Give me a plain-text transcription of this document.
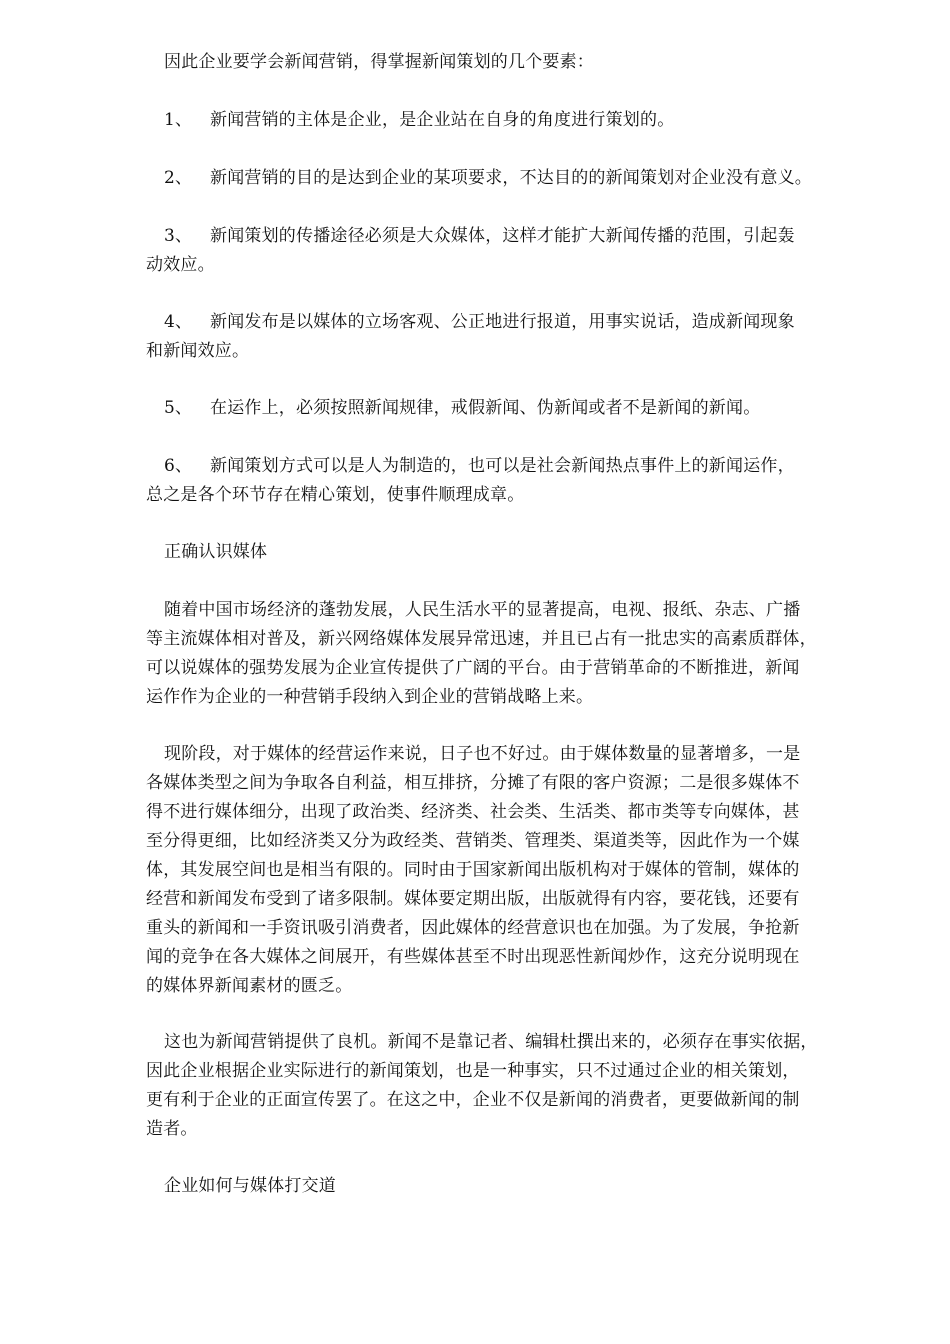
因此企业要学会新闻营销，得掌握新闻策划的几个要素：
1、 新闻营销的主体是企业，是企业站在自身的角度进行策划的。
2、 新闻营销的目的是达到企业的某项要求，不达目的的新闻策划对企业没有意义。
3、 新闻策划的传播途径必须是大众媒体，这样才能扩大新闻传播的范围，引起轰
动效应。
4、 新闻发布是以媒体的立场客观、公正地进行报道，用事实说话，造成新闻现象
和新闻效应。
5、 在运作上，必须按照新闻规律，戒假新闻、伪新闻或者不是新闻的新闻。
6、 新闻策划方式可以是人为制造的，也可以是社会新闻热点事件上的新闻运作，
总之是各个环节存在精心策划，使事件顺理成章。
正确认识媒体
随着中国市场经济的蓬勃发展，人民生活水平的显著提高，电视、报纸、杂志、广播
等主流媒体相对普及，新兴网络媒体发展异常迅速，并且已占有一批忠实的高素质群体，
可以说媒体的强势发展为企业宣传提供了广阔的平台。由于营销革命的不断推进，新闻
运作作为企业的一种营销手段纳入到企业的营销战略上来。
现阶段，对于媒体的经营运作来说，日子也不好过。由于媒体数量的显著增多，一是
各媒体类型之间为争取各自利益，相互排挤，分摊了有限的客户资源；二是很多媒体不
得不进行媒体细分，出现了政治类、经济类、社会类、生活类、都市类等专向媒体，甚
至分得更细，比如经济类又分为政经类、营销类、管理类、渠道类等，因此作为一个媒
体，其发展空间也是相当有限的。同时由于国家新闻出版机构对于媒体的管制，媒体的
经营和新闻发布受到了诸多限制。媒体要定期出版，出版就得有内容，要花钱，还要有
重头的新闻和一手资讯吸引消费者，因此媒体的经营意识也在加强。为了发展，争抢新
闻的竞争在各大媒体之间展开，有些媒体甚至不时出现恶性新闻炒作，这充分说明现在
的媒体界新闻素材的匮乏。
这也为新闻营销提供了良机。新闻不是靠记者、编辑杜撰出来的，必须存在事实依据，
因此企业根据企业实际进行的新闻策划，也是一种事实，只不过通过企业的相关策划，
更有利于企业的正面宣传罢了。在这之中，企业不仅是新闻的消费者，更要做新闻的制
造者。
企业如何与媒体打交道
